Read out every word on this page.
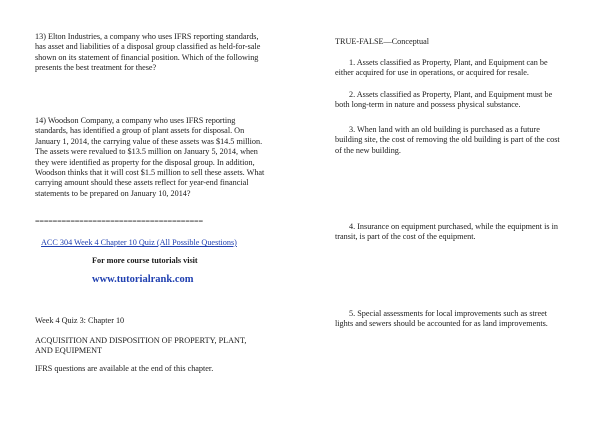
13) Elton Industries, a company who uses IFRS reporting standards, has asset and liabilities of a disposal group classified as held-for-sale shown on its statement of financial position. Which of the following presents the best treatment for these?

14) Woodson Company, a company who uses IFRS reporting standards, has identified a group of plant assets for disposal. On January 1, 2014, the carrying value of these assets was $14.5 million. The assets were revalued to $13.5 million on January 5, 2014, when they were identified as property for the disposal group. In addition, Woodson thinks that it will cost $1.5 million to sell these assets. What carrying amount should these assets reflect for year-end financial statements to be prepared on January 10, 2014?

======================================

ACC 304 Week 4 Chapter 10 Quiz (All Possible Questions)

For more course tutorials visit

www.tutorialrank.com

Week 4 Quiz 3: Chapter 10

ACQUISITION AND DISPOSITION OF PROPERTY, PLANT, AND EQUIPMENT

IFRS questions are available at the end of this chapter.

TRUE-FALSE—Conceptual

1. Assets classified as Property, Plant, and Equipment can be either acquired for use in operations, or acquired for resale.

2. Assets classified as Property, Plant, and Equipment must be both long-term in nature and possess physical substance.

3. When land with an old building is purchased as a future building site, the cost of removing the old building is part of the cost of the new building.

4. Insurance on equipment purchased, while the equipment is in transit, is part of the cost of the equipment.

5. Special assessments for local improvements such as street lights and sewers should be accounted for as land improvements.
